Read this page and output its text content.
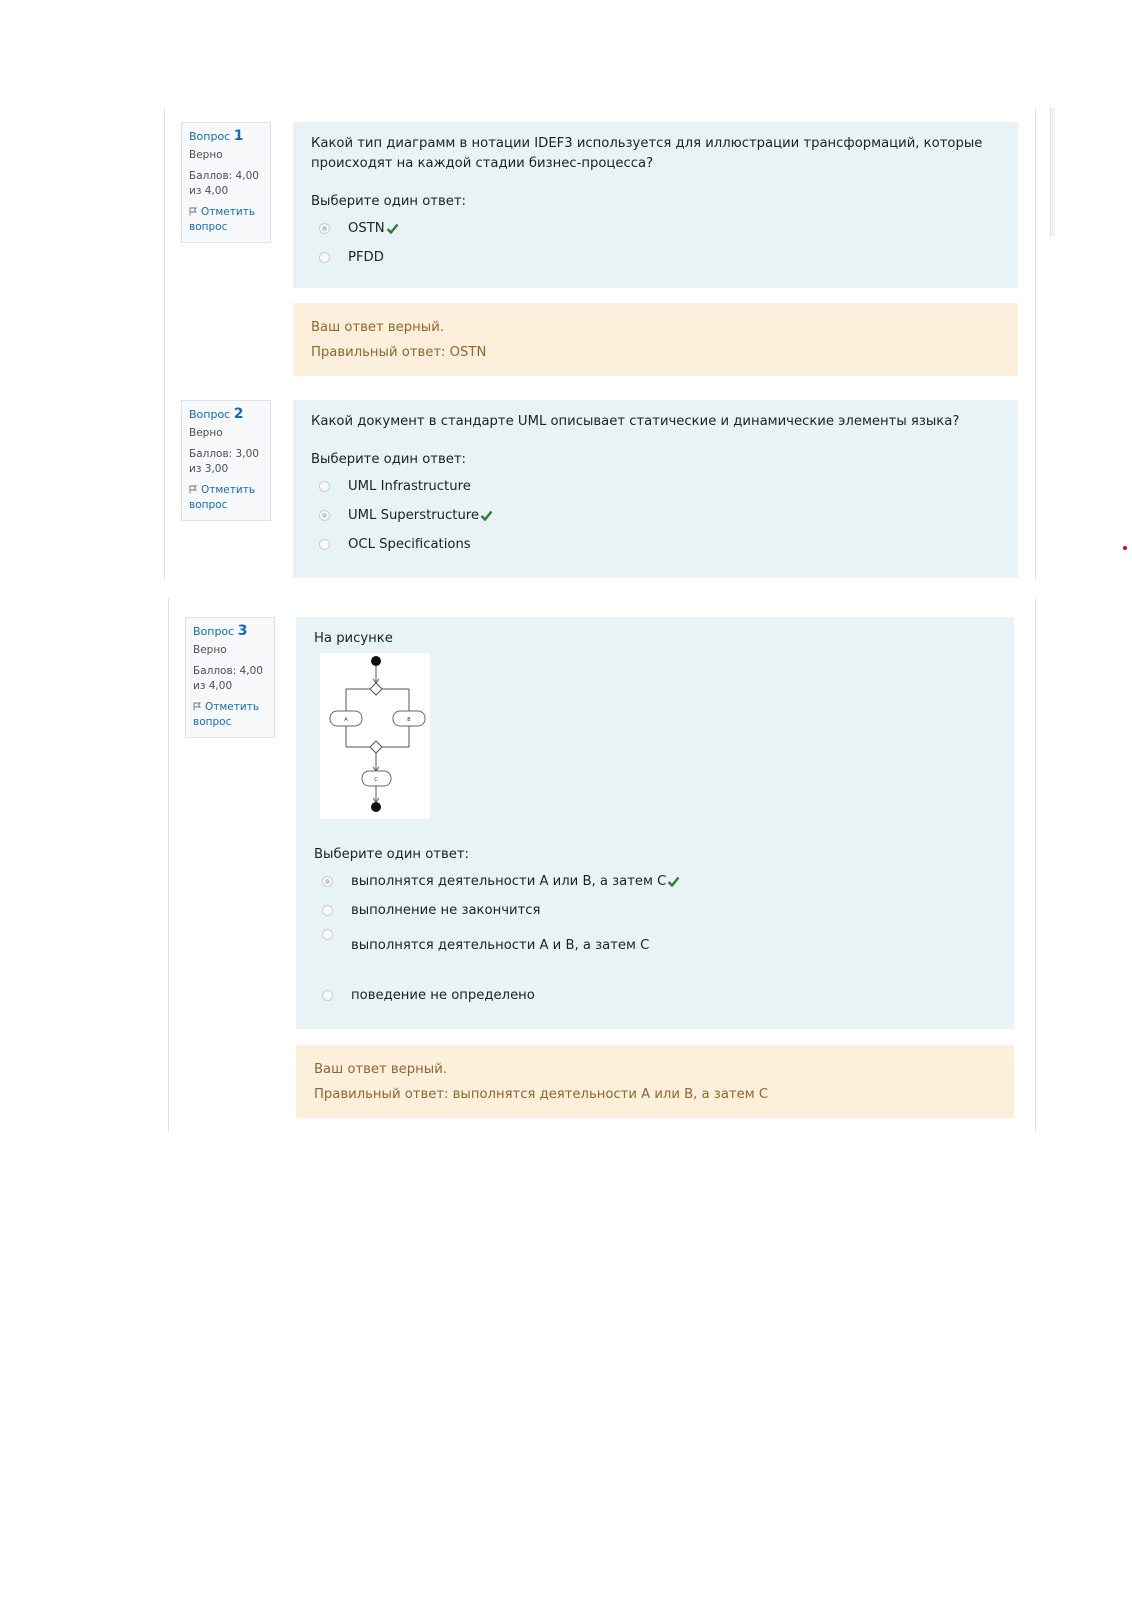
Вопрос 1
Верно
Баллов: 4,00 из 4,00
Отметить вопрос
Какой тип диаграмм в нотации IDEF3 используется для иллюстрации трансформаций, которые происходят на каждой стадии бизнес-процесса?
Выберите один ответ:
OSTN
PFDD
Ваш ответ верный.
Правильный ответ: OSTN
Вопрос 2
Верно
Баллов: 3,00 из 3,00
Отметить вопрос
Какой документ в стандарте UML описывает статические и динамические элементы языка?
Выберите один ответ:
UML Infrastructure
UML Superstructure
OCL Specifications
Вопрос 3
Верно
Баллов: 4,00 из 4,00
Отметить вопрос
На рисунке
A	B
C
Выберите один ответ:
выполнятся деятельности A или B, а затем C
выполнение не закончится
выполнятся деятельности A и B, а затем C
поведение не определено
Ваш ответ верный.
Правильный ответ: выполнятся деятельности A или B, а затем C
